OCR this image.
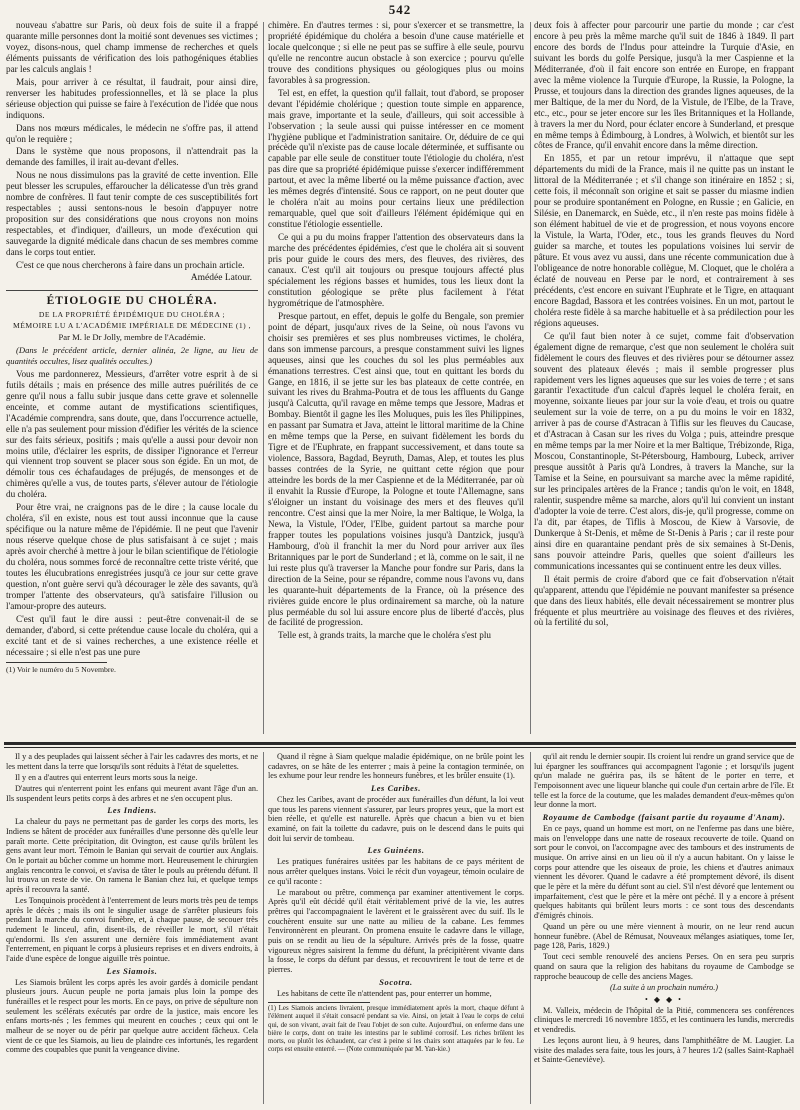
542

nouveau s'abattre sur Paris, où deux fois de suite il a frappé quarante mille personnes dont la moitié sont devenues ses victimes ; voyez, disons-nous, quel champ immense de recherches et quels éléments puissants de vérification des lois pathogéniques établies par les calculs anglais !

Mais, pour arriver à ce résultat, il faudrait, pour ainsi dire, renverser les habitudes professionnelles, et là se place la plus sérieuse objection qui puisse se faire à l'exécution de l'idée que nous indiquons.

Dans nos mœurs médicales, le médecin ne s'offre pas, il attend qu'on le requière ;

Dans le système que nous proposons, il n'attendrait pas la demande des familles, il irait au-devant d'elles.

Nous ne nous dissimulons pas la gravité de cette invention. Elle peut blesser les scrupules, effaroucher la délicatesse d'un très grand nombre de confrères. Il faut tenir compte de ces susceptibilités fort respectables ; aussi sentons-nous le besoin d'appuyer notre proposition sur des considérations que nous croyons non moins respectables, et d'indiquer, d'ailleurs, un mode d'exécution qui sauvegarde la dignité médicale dans chacun de ses membres comme dans le corps tout entier.

C'est ce que nous chercherons à faire dans un prochain article.

Amédée Latour.

ÉTIOLOGIE DU CHOLÉRA.
DE LA PROPRIÉTÉ ÉPIDÉMIQUE DU CHOLÉRA ;
MÉMOIRE LU A L'ACADÉMIE IMPÉRIALE DE MÉDECINE (1) ,
Par M. le Dr Jolly, membre de l'Académie.

(Dans le précédent article, dernier alinéa, 2e ligne, au lieu de quantités occultes, lisez qualités occultes.)

Vous me pardonnerez, Messieurs, d'arrêter votre esprit à de si futils détails ; mais en présence des mille autres puérilités de ce genre qu'il nous a fallu subir jusque dans cette grave et solennelle enceinte, et comme autant de mystifications scientifiques, l'Académie comprendra, sans doute, que, dans l'occurrence actuelle, elle n'a pas seulement pour mission d'édifier les vérités de la science sur des faits sérieux, positifs ; mais qu'elle a aussi pour devoir non moins utile, d'éclairer les esprits, de dissiper l'ignorance et l'erreur qui viennent trop souvent se placer sous son égide. En un mot, de démolir tous ces échafaudages de préjugés, de mensonges et de chimères qu'elle a vus, de toutes parts, s'élever autour de l'étiologie du choléra.

Pour être vrai, ne craignons pas de le dire ; la cause locale du choléra, s'il en existe, nous est tout aussi inconnue que la cause spécifique ou la nature même de l'épidémie. Il ne peut que l'avenir nous réserve quelque chose de plus satisfaisant à ce sujet ; mais après avoir cherché à mettre à jour le bilan scientifique de l'étiologie du choléra, nous sommes forcé de reconnaître cette triste vérité, que toutes les élucubrations enregistrées jusqu'à ce jour sur cette grave question, n'ont guère servi qu'à décourager le zèle des savants, qu'à tromper l'attente des observateurs, qu'à satisfaire l'illusion ou l'amour-propre des auteurs.

C'est qu'il faut le dire aussi : peut-être convenait-il de se demander, d'abord, si cette prétendue cause locale du choléra, qui a excité tant et de si vaines recherches, a une existence réelle et nécessaire ; si elle n'est pas une pure

(1) Voir le numéro du 5 Novembre.

chimère. En d'autres termes : si, pour s'exercer et se transmettre, la propriété épidémique du choléra a besoin d'une cause matérielle et locale quelconque ; si elle ne peut pas se suffire à elle seule, pourvu qu'elle ne rencontre aucun obstacle à son exercice ; pourvu qu'elle trouve des conditions physiques ou géologiques plus ou moins favorables à sa progression.

Tel est, en effet, la question qu'il fallait, tout d'abord, se proposer devant l'épidémie cholérique ; question toute simple en apparence, mais grave, importante et la seule, d'ailleurs, qui soit accessible à l'observation ; la seule aussi qui puisse intéresser en ce moment l'hygiène publique et l'administration sanitaire. Or, déduire de ce qui précède qu'il n'existe pas de cause locale déterminée, et suffisante ou capable par elle seule de constituer toute l'étiologie du choléra, n'est pas dire que sa propriété épidémique puisse s'exercer indifféremment partout, et avec la même liberté ou la même puissance d'action, avec les mêmes degrés d'intensité. Sous ce rapport, on ne peut douter que le choléra n'ait au moins pour certains lieux une prédilection remarquable, quel que soit d'ailleurs l'élément épidémique qui en constitue l'étiologie essentielle.

Ce qui a pu du moins frapper l'attention des observateurs dans la marche des précédentes épidémies, c'est que le choléra ait si souvent pris pour guide le cours des mers, des fleuves, des rivières, des canaux. C'est qu'il ait toujours ou presque toujours affecté plus spécialement les régions basses et humides, tous les lieux dont la constitution géologique se prête plus facilement à l'état hygrométrique de l'atmosphère.

Presque partout, en effet, depuis le golfe du Bengale, son premier point de départ, jusqu'aux rives de la Seine, où nous l'avons vu choisir ses premières et ses plus nombreuses victimes, le choléra, dans son immense parcours, a presque constamment suivi les lignes aqueuses, ainsi que les couches du sol les plus perméables aux émanations terrestres. C'est ainsi que, tout en quittant les bords du Gange, en 1816, il se jette sur les bas plateaux de cette contrée, en suivant les rives du Brahma-Poutra et de tous les affluents du Gange jusqu'à Calcutta, qu'il ravage en même temps que Jessore, Madras et Bombay. Bientôt il gagne les îles Moluques, puis les îles Philippines, en passant par Sumatra et Java, atteint le littoral maritime de la Chine en même temps que la Perse, en suivant fidèlement les bords du Tigre et de l'Euphrate, en frappant successivement, et dans toute sa violence, Bassora, Bagdad, Beyruth, Damas, Alep, et toutes les plus basses contrées de la Syrie, ne quittant cette région que pour atteindre les bords de la mer Caspienne et de la Méditerranée, par où il envahit la Russie d'Europe, la Pologne et toute l'Allemagne, sans s'éloigner un instant du voisinage des mers et des fleuves qu'il rencontre. C'est ainsi que la mer Noire, la mer Baltique, le Wolga, la Newa, la Vistule, l'Oder, l'Elbe, guident partout sa marche pour frapper toutes les populations voisines jusqu'à Dantzick, jusqu'à Hambourg, d'où il franchit la mer du Nord pour arriver aux îles Britanniques par le port de Sunderland ; et là, comme on le sait, il ne lui reste plus qu'à traverser la Manche pour fondre sur Paris, dans la direction de la Seine, pour se répandre, comme nous l'avons vu, dans les quarante-huit départements de la France, où la présence des rivières guide encore le plus ordinairement sa marche, où la nature plus perméable du sol lui assure encore plus de liberté d'accès, plus de facilité de progression.

Telle est, à grands traits, la marche que le choléra s'est plu

deux fois à affecter pour parcourir une partie du monde ; car c'est encore à peu près la même marche qu'il suit de 1846 à 1849. Il part encore des bords de l'Indus pour atteindre la Turquie d'Asie, en suivant les bords du golfe Persique, jusqu'à la mer Caspienne et la Méditerranée, d'où il fait encore son entrée en Europe, en frappant avec la même violence la Turquie d'Europe, la Russie, la Pologne, la Prusse, et toujours dans la direction des grandes lignes aqueuses, de la mer Baltique, de la mer du Nord, de la Vistule, de l'Elbe, de la Trave, etc., etc., pour se jeter encore sur les îles Britanniques et la Hollande, à travers la mer du Nord, pour éclater encore à Sunderland, et presque en même temps à Édimbourg, à Londres, à Wolwich, et bientôt sur les côtes de France, qu'il envahit encore dans la même direction.

En 1855, et par un retour imprévu, il n'attaque que sept départements du midi de la France, mais il ne quitte pas un instant le littoral de la Méditerranée ; et s'il change son itinéraire en 1852 ; si, cette fois, il méconnaît son origine et sait se passer du miasme indien pour se produire spontanément en Pologne, en Russie ; en Galicie, en Silésie, en Danemarck, en Suède, etc., il n'en reste pas moins fidèle à son élément habituel de vie et de progression, et nous voyons encore la Vistule, la Warta, l'Oder, etc., tous les grands fleuves du Nord guider sa marche, et toutes les populations voisines lui servir de pâture. Et vous avez vu aussi, dans une récente communication due à l'obligeance de notre honorable collègue, M. Cloquet, que le choléra a éclaté de nouveau en Perse par le nord, et contrairement à ses précédents, c'est encore en suivant l'Euphrate et le Tigre, en attaquant encore Bagdad, Bassora et les contrées voisines. En un mot, partout le choléra reste fidèle à sa marche habituelle et à sa prédilection pour les régions aqueuses.

Ce qu'il faut bien noter à ce sujet, comme fait d'observation également digne de remarque, c'est que non seulement le choléra suit fidèlement le cours des fleuves et des rivières pour se détourner assez souvent des plateaux élevés ; mais il semble progresser plus rapidement vers les lignes aqueuses que sur les voies de terre ; et sans garantir l'exactitude d'un calcul d'après lequel le choléra ferait, en moyenne, soixante lieues par jour sur la voie d'eau, et trois ou quatre seulement sur la voie de terre, on a pu du moins le voir en 1832, arriver à pas de course d'Astracan à Tiflis sur les fleuves du Caucase, et d'Astracan à Casan sur les rives du Volga ; puis, atteindre presque en même temps par la mer Noire et la mer Baltique, Trébizonde, Riga, Moscou, Constantinople, St-Pétersbourg, Hambourg, Lubeck, arriver presque aussitôt à Paris qu'à Londres, à travers la Manche, sur la Tamise et la Seine, en poursuivant sa marche avec la même rapidité, sur les principales artères de la France ; tandis qu'on le voit, en 1848, ralentir, suspendre même sa marche, alors qu'il lui convient un instant d'adopter la voie de terre. C'est alors, dis-je, qu'il progresse, comme on l'a dit, par étapes, de Tiflis à Moscou, de Kiew à Varsovie, de Dunkerque à St-Denis, et même de St-Denis à Paris ; car il reste pour ainsi dire en quarantaine pendant près de six semaines à St-Denis, sans pouvoir atteindre Paris, quelles que soient d'ailleurs les communications incessantes qui se continuent entre les deux villes.

Il était permis de croire d'abord que ce fait d'observation n'était qu'apparent, attendu que l'épidémie ne pouvant manifester sa présence que dans des lieux habités, elle devait nécessairement se montrer plus fréquente et plus meurtrière au voisinage des fleuves et des rivières, où la fertilité du sol,

Il y a des peuplades qui laissent sécher à l'air les cadavres des morts, et ne les mettent dans la terre que lorsqu'ils sont réduits à l'état de squelettes.

Il y en a d'autres qui enterrent leurs morts sous la neige.

D'autres qui n'enterrent point les enfans qui meurent avant l'âge d'un an. Ils suspendent leurs petits corps à des arbres et ne s'en occupent plus.

Les Indiens.

La chaleur du pays ne permettant pas de garder les corps des morts, les Indiens se hâtent de procéder aux funérailles d'une personne dès qu'elle leur paraît morte. Cette précipitation, dit Ovington, est cause qu'ils brûlent les gens avant leur mort. Témoin le Banian qui servait de courtier aux Anglais. On le portait au bûcher comme un homme mort. Heureusement le chirurgien anglais rencontra le convoi, et s'avisa de tâter le pouls au prétendu défunt. Il lui trouva un reste de vie. On ramena le Banian chez lui, et quelque temps après il recouvra la santé.

Les Tonquinois procèdent à l'enterrement de leurs morts très peu de temps après le décès ; mais ils ont le singulier usage de s'arrêter plusieurs fois pendant la marche du convoi funèbre, et, à chaque pause, de secouer très rudement le linceul, afin, disent-ils, de réveiller le mort, s'il n'était qu'endormi. Ils s'en assurent une dernière fois immédiatement avant l'enterrement, en piquant le corps à plusieurs reprises et en divers endroits, à l'aide d'une espèce de longue aiguille très pointue.

Les Siamois.

Les Siamois brûlent les corps après les avoir gardés à domicile pendant plusieurs jours. Aucun peuple ne porta jamais plus loin la pompe des funérailles et le respect pour les morts. En ce pays, on prive de sépulture non seulement les scélérats exécutés par ordre de la justice, mais encore les enfans morts-nés ; les femmes qui meurent en couches ; ceux qui ont le malheur de se noyer ou de périr par quelque autre accident fâcheux. Cela vient de ce que les Siamois, au lieu de plaindre ces infortunés, les regardent comme des coupables que punit la vengeance divine.

Quand il règne à Siam quelque maladie épidémique, on ne brûle point les cadavres, on se hâte de les enterrer ; mais à peine la contagion terminée, on les exhume pour leur rendre les honneurs funèbres, et les brûler ensuite (1).

Les Caribes.

Chez les Caribes, avant de procéder aux funérailles d'un défunt, la loi veut que tous les parens viennent s'assurer, par leurs propres yeux, que la mort est bien réelle, et qu'elle est naturelle. Après que chacun a bien vu et bien examiné, on fait la toilette du cadavre, puis on le descend dans le puits qui doit lui servir de tombeau.

Les Guinéens.

Les pratiques funéraires usitées par les habitans de ce pays méritent de nous arrêter quelques instans. Voici le récit d'un voyageur, témoin oculaire de ce qu'il raconte :

Le marabout ou prêtre, commença par examiner attentivement le corps. Après qu'il eût décidé qu'il était véritablement privé de la vie, les autres prêtres qui l'accompagnaient le lavèrent et le graissèrent avec du suif. Ils le couchèrent ensuite sur une natte au milieu de la cabane. Les femmes l'environnèrent en pleurant. On promena ensuite le cadavre dans le village, puis on se rendit au lieu de la sépulture. Arrivés près de la fosse, quatre vigoureux nègres saisirent la femme du défunt, la précipitèrent vivante dans la fosse, le corps du défunt par dessus, et recouvrirent le tout de terre et de pierres.

Socotra.

Les habitans de cette île n'attendent pas, pour enterrer un homme,

(1) Les Siamois anciens livraient, presque immédiatement après la mort, chaque défunt à l'élément auquel il s'était consacré pendant sa vie. Ainsi, on jetait à l'eau le corps de celui qui, de son vivant, avait fait de l'eau l'objet de son culte. Aujourd'hui, on enferme dans une bière le corps, dont on traite les intestins par le sublimé corrosif. Les riches brûlent les morts, ou plutôt les échaudent, car c'est à peine si les chairs sont attaquées par le feu. Le corps est ensuite enterré. — (Note communiquée par M. Yan-kie.)

qu'il ait rendu le dernier soupir. Ils croient lui rendre un grand service que de lui épargner les souffrances qui accompagnent l'agonie ; et lorsqu'ils jugent qu'un malade ne guérira pas, ils se hâtent de le porter en terre, et l'empoisonnent avec une liqueur blanche qui coule d'un certain arbre de l'île. Et telle est la force de la coutume, que les malades demandent d'eux-mêmes qu'on leur donne la mort.

Royaume de Cambodge (faisant partie du royaume d'Anam).

En ce pays, quand un homme est mort, on ne l'enferme pas dans une bière, mais on l'enveloppe dans une natte de roseaux recouverte de toile. Quand on sort pour le convoi, on l'accompagne avec des tambours et des instruments de musique. On arrive ainsi en un lieu où il n'y a aucun habitant. On y laisse le corps pour attendre que les oiseaux de proie, les chiens et d'autres animaux viennent les dévorer. Quand le cadavre a été promptement dévoré, ils disent que le père et la mère du défunt sont au ciel. S'il n'est dévoré que lentement ou imparfaitement, c'est que le père et la mère ont péché. Il y a encore à présent quelques habitants qui brûlent leurs morts : ce sont tous des descendants d'émigrés chinois.

Quand un père ou une mère viennent à mourir, on ne leur rend aucun honneur funèbre. (Abel de Rémusat, Nouveaux mélanges asiatiques, tome Ier, page 128, Paris, 1829.)

Tout ceci semble renouvelé des anciens Perses. On en sera peu surpris quand on saura que la religion des habitans du royaume de Cambodge se rapproche beaucoup de celle des anciens Mages.

(La suite à un prochain numéro.)

• ◆ ◆ •

M. Valleix, médecin de l'hôpital de la Pitié, commencera ses conférences cliniques le mercredi 16 novembre 1855, et les continuera les lundis, mercredis et vendredis.

Les leçons auront lieu, à 9 heures, dans l'amphithéâtre de M. Laugier. La visite des malades sera faite, tous les jours, à 7 heures 1/2 (salles Saint-Raphaël et Sainte-Geneviève).
